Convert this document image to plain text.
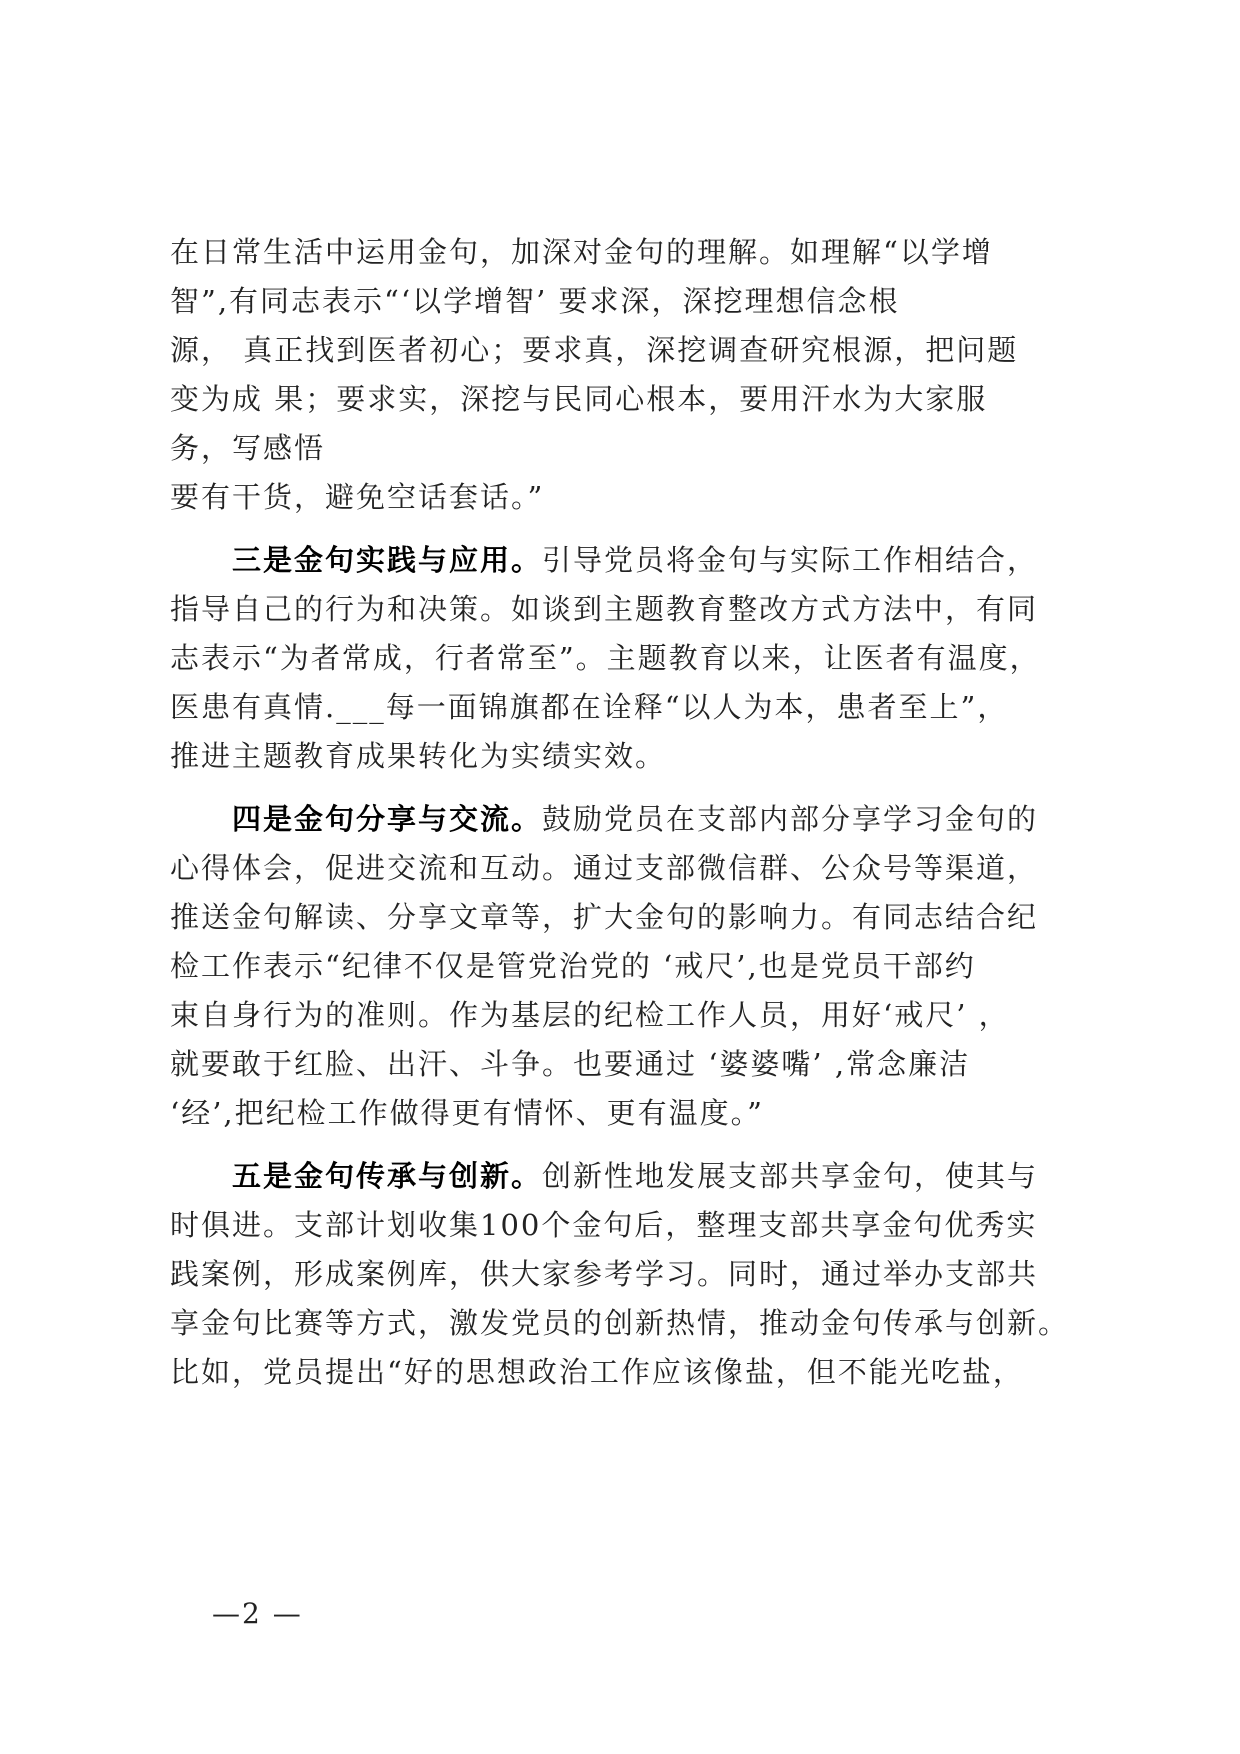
在日常生活中运用金句，加深对金句的理解。如理解“以学增
智”,有同志表示“‘以学增智’ 要求深，深挖理想信念根
源， 真正找到医者初心；要求真，深挖调查研究根源，把问题
变为成 果；要求实，深挖与民同心根本，要用汗水为大家服
务，写感悟
要有干货，避免空话套话。”
三是金句实践与应用。引导党员将金句与实际工作相结合，
指导自己的行为和决策。如谈到主题教育整改方式方法中，有同
志表示“为者常成，行者常至”。主题教育以来，让医者有温度，
医患有真情.___每一面锦旗都在诠释“以人为本，患者至上”，
推进主题教育成果转化为实绩实效。
四是金句分享与交流。鼓励党员在支部内部分享学习金句的
心得体会，促进交流和互动。通过支部微信群、公众号等渠道，
推送金句解读、分享文章等，扩大金句的影响力。有同志结合纪
检工作表示“纪律不仅是管党治党的 ‘戒尺’,也是党员干部约
束自身行为的准则。作为基层的纪检工作人员，用好‘戒尺’ ，
就要敢于红脸、出汗、斗争。也要通过 ‘婆婆嘴’ ,常念廉洁
‘经’,把纪检工作做得更有情怀、更有温度。”
五是金句传承与创新。创新性地发展支部共享金句，使其与
时俱进。支部计划收集100个金句后，整理支部共享金句优秀实
践案例，形成案例库，供大家参考学习。同时，通过举办支部共
享金句比赛等方式，激发党员的创新热情，推动金句传承与创新。
比如，党员提出“好的思想政治工作应该像盐，但不能光吃盐，
—2 —
